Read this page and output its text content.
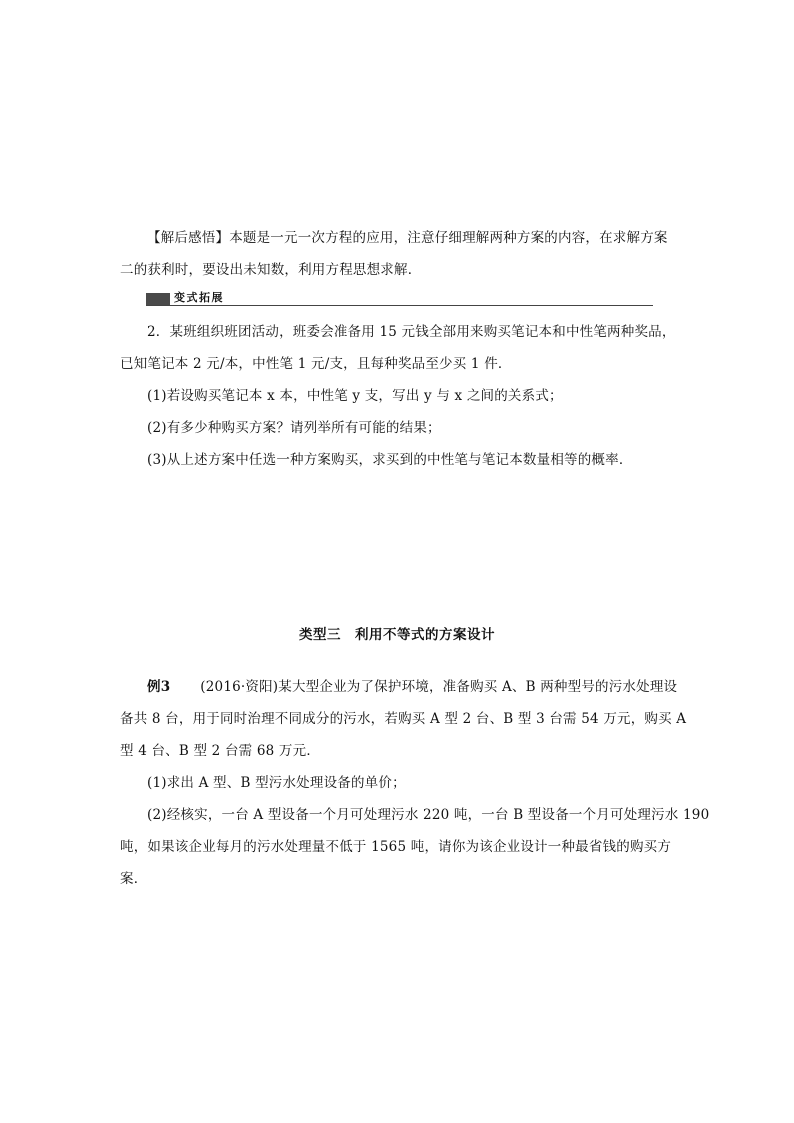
【解后感悟】本题是一元一次方程的应用，注意仔细理解两种方案的内容，在求解方案
二的获利时，要设出未知数，利用方程思想求解．
变式拓展
2．某班组织班团活动，班委会准备用 15 元钱全部用来购买笔记本和中性笔两种奖品，
已知笔记本 2 元/本，中性笔 1 元/支，且每种奖品至少买 1 件．
(1)若设购买笔记本 x 本，中性笔 y 支，写出 y 与 x 之间的关系式；
(2)有多少种购买方案？请列举所有可能的结果；
(3)从上述方案中任选一种方案购买，求买到的中性笔与笔记本数量相等的概率．
类型三　利用不等式的方案设计
例3 (2016·资阳)某大型企业为了保护环境，准备购买 A、B 两种型号的污水处理设
备共 8 台，用于同时治理不同成分的污水，若购买 A 型 2 台、B 型 3 台需 54 万元，购买 A
型 4 台、B 型 2 台需 68 万元．
(1)求出 A 型、B 型污水处理设备的单价；
(2)经核实，一台 A 型设备一个月可处理污水 220 吨，一台 B 型设备一个月可处理污水 190
吨，如果该企业每月的污水处理量不低于 1565 吨，请你为该企业设计一种最省钱的购买方
案．
